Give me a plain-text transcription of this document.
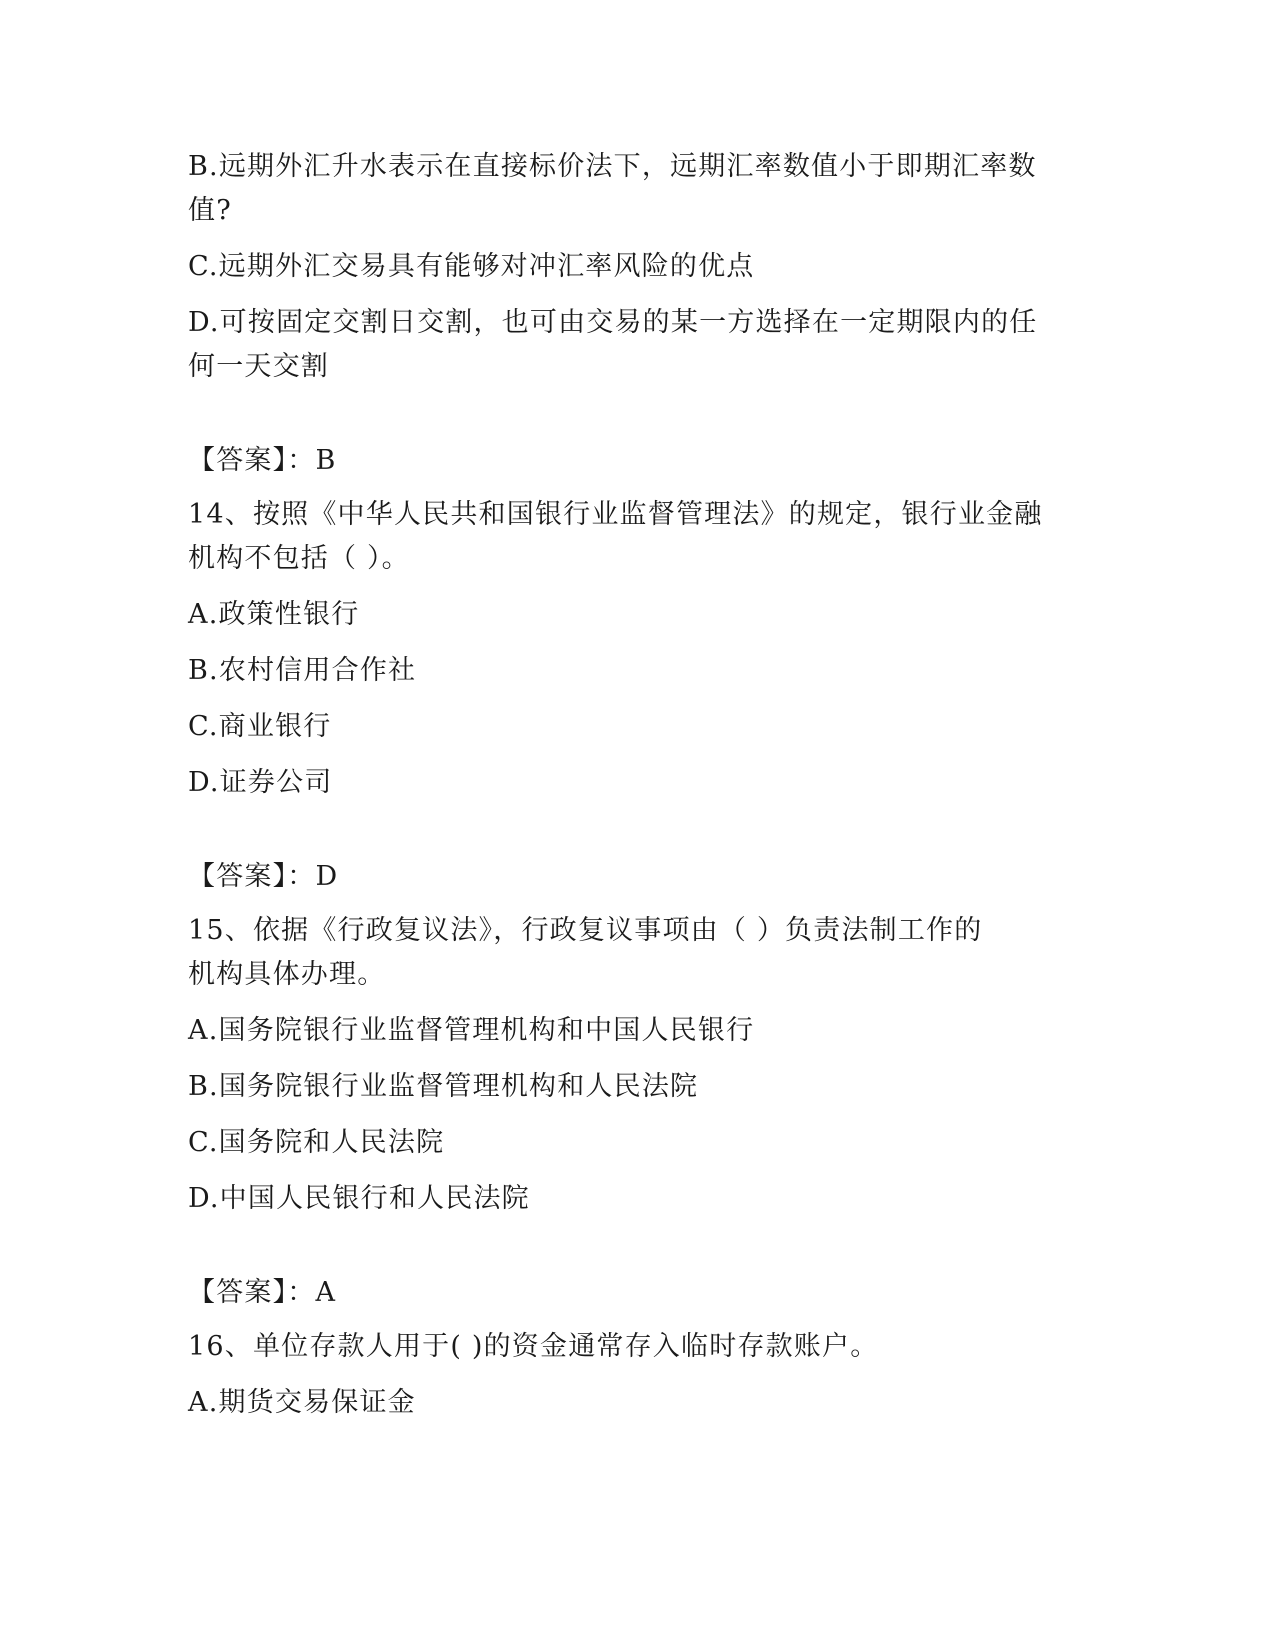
B.远期外汇升水表示在直接标价法下，远期汇率数值小于即期汇率数

值?

C.远期外汇交易具有能够对冲汇率风险的优点

D.可按固定交割日交割，也可由交易的某一方选择在一定期限内的任

何一天交割

【答案】：B

14、按照《中华人民共和国银行业监督管理法》的规定，银行业金融

机构不包括（ ）。

A.政策性银行

B.农村信用合作社

C.商业银行

D.证券公司

【答案】：D

15、依据《行政复议法》，行政复议事项由（ ）负责法制工作的

机构具体办理。

A.国务院银行业监督管理机构和中国人民银行

B.国务院银行业监督管理机构和人民法院

C.国务院和人民法院

D.中国人民银行和人民法院

【答案】：A

16、单位存款人用于( )的资金通常存入临时存款账户。

A.期货交易保证金
